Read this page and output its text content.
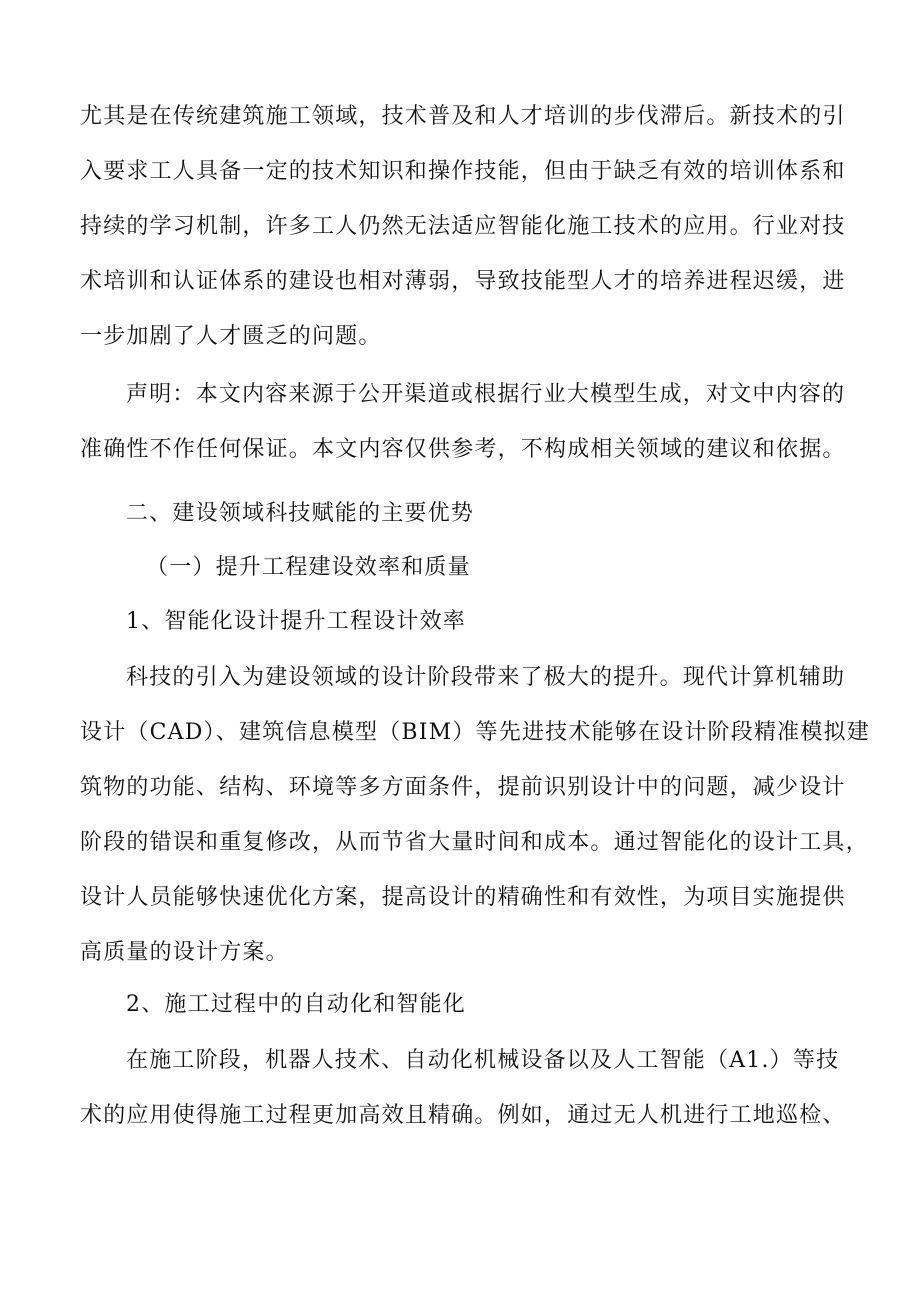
尤其是在传统建筑施工领域，技术普及和人才培训的步伐滞后。新技术的引
入要求工人具备一定的技术知识和操作技能，但由于缺乏有效的培训体系和
持续的学习机制，许多工人仍然无法适应智能化施工技术的应用。行业对技
术培训和认证体系的建设也相对薄弱，导致技能型人才的培养进程迟缓，进
一步加剧了人才匮乏的问题。
声明：本文内容来源于公开渠道或根据行业大模型生成，对文中内容的
准确性不作任何保证。本文内容仅供参考，不构成相关领域的建议和依据。
二、建设领域科技赋能的主要优势
（一）提升工程建设效率和质量
1、智能化设计提升工程设计效率
科技的引入为建设领域的设计阶段带来了极大的提升。现代计算机辅助
设计（CAD）、建筑信息模型（BIM）等先进技术能够在设计阶段精准模拟建
筑物的功能、结构、环境等多方面条件，提前识别设计中的问题，减少设计
阶段的错误和重复修改，从而节省大量时间和成本。通过智能化的设计工具，
设计人员能够快速优化方案，提高设计的精确性和有效性，为项目实施提供
高质量的设计方案。
2、施工过程中的自动化和智能化
在施工阶段，机器人技术、自动化机械设备以及人工智能（A1.）等技
术的应用使得施工过程更加高效且精确。例如，通过无人机进行工地巡检、
